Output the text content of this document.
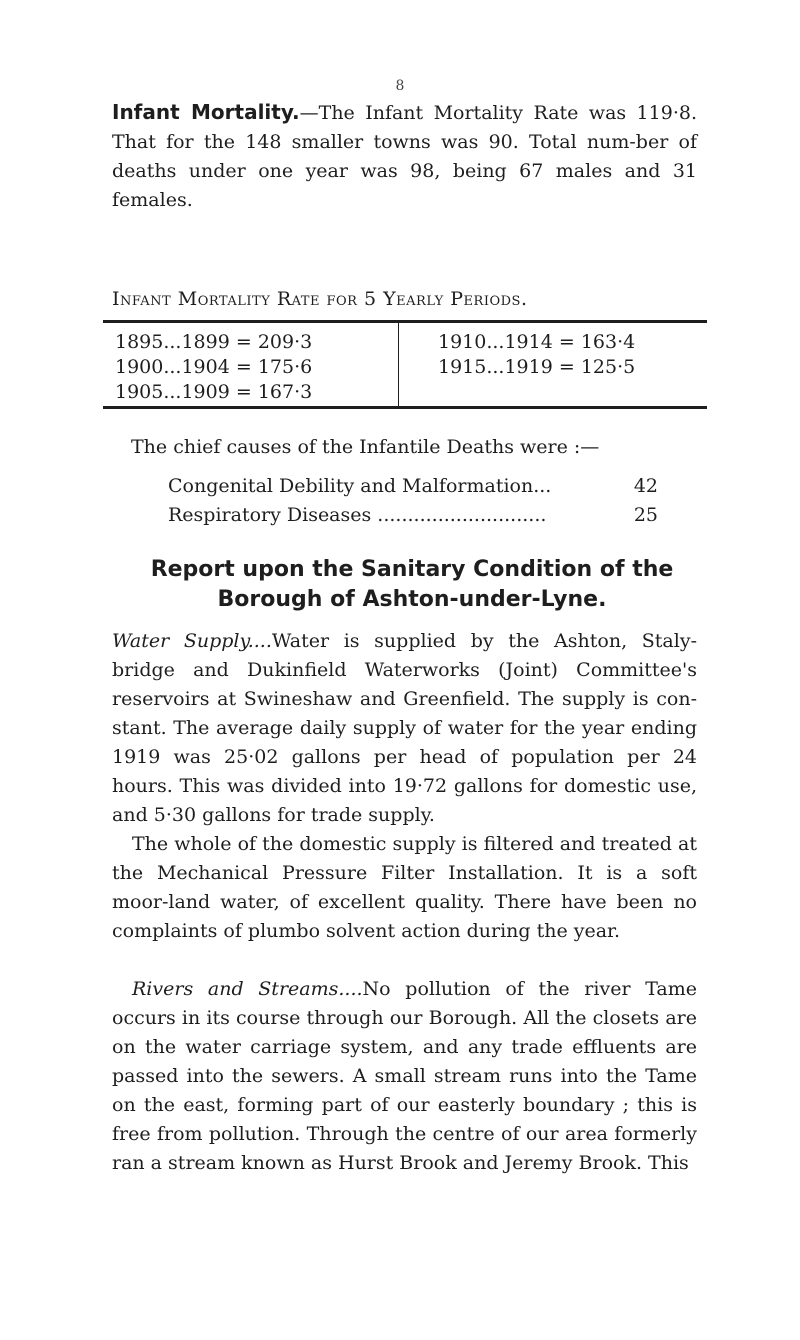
8

Infant Mortality.—The Infant Mortality Rate was 119·8. That for the 148 smaller towns was 90. Total num-ber of deaths under one year was 98, being 67 males and 31 females.

Infant Mortality Rate for 5 Yearly Periods.

1895...1899 = 209·3
1900...1904 = 175·6
1905...1909 = 167·3
1910...1914 = 163·4
1915...1919 = 125·5
The chief causes of the Infantile Deaths were :—
Congenital Debility and Malformation...	42
Respiratory Diseases ............................	25

Report upon the Sanitary Condition of the Borough of Ashton-under-Lyne.

Water Supply....Water is supplied by the Ashton, Staly-bridge and Dukinfield Waterworks (Joint) Committee's reservoirs at Swineshaw and Greenfield. The supply is con-stant. The average daily supply of water for the year ending 1919 was 25·02 gallons per head of population per 24 hours. This was divided into 19·72 gallons for domestic use, and 5·30 gallons for trade supply.

The whole of the domestic supply is filtered and treated at the Mechanical Pressure Filter Installation. It is a soft moor-land water, of excellent quality. There have been no complaints of plumbo solvent action during the year.

Rivers and Streams....No pollution of the river Tame occurs in its course through our Borough. All the closets are on the water carriage system, and any trade effluents are passed into the sewers. A small stream runs into the Tame on the east, forming part of our easterly boundary ; this is free from pollution. Through the centre of our area formerly ran a stream known as Hurst Brook and Jeremy Brook. This
